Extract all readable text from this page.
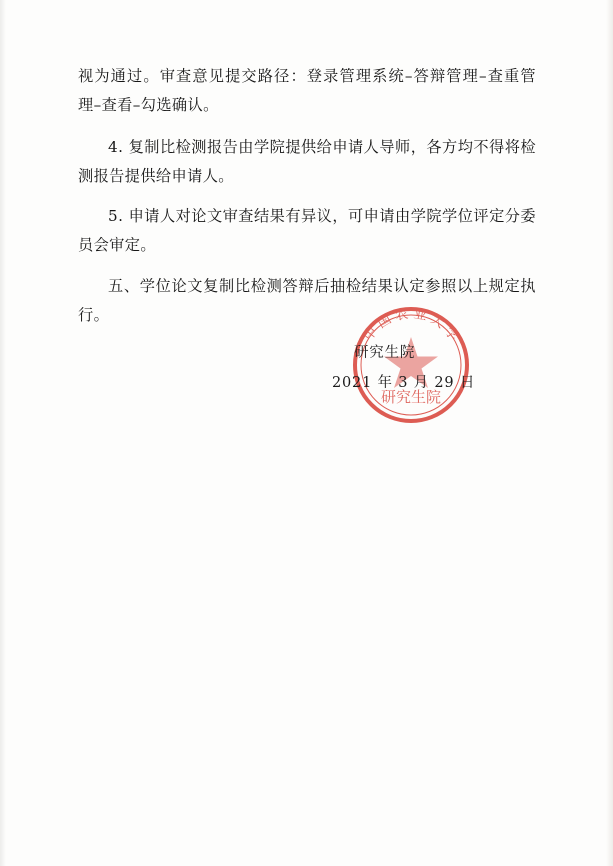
视为通过。审查意见提交路径：登录管理系统–答辩管理–查重管理–查看–勾选确认。

4. 复制比检测报告由学院提供给申请人导师，各方均不得将检测报告提供给申请人。

5. 申请人对论文审查结果有异议，可申请由学院学位评定分委员会审定。

五、学位论文复制比检测答辩后抽检结果认定参照以上规定执行。

中 国 农 业 大 学
研究生院
研究生院
2021 年 3 月 29 日
